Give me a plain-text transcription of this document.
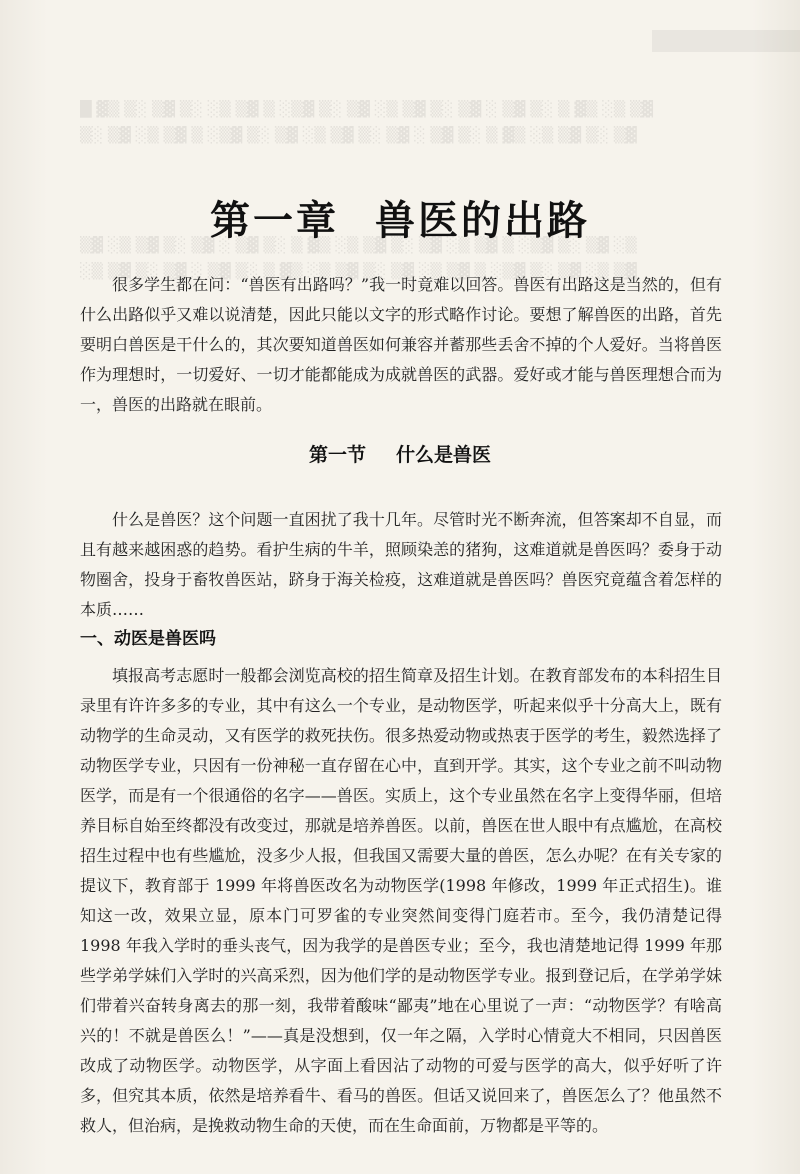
█ ▓▒ ▒░ ▒▓ ▒░ ░▒ ▒▓ ▒ ░▒▓ ▒░ ▒▓ ░▒ ▒▓ ▒░ ▒▓ ░ ▒▓ ▒░ ▒ ▓▒ ░▒ ▒▓
▒░ ▒▓ ░▒ ▒▓ ▒ ░▒▓ ▒░ ▒▓ ░▒ ▒▓ ▒░ ▒▓ ░ ▒▓ ▒░ ▒ ▓▒ ░▒ ▒▓ ▒░ ▒▓
▒▓ ░▒ ▒▓ ▒░ ▒▓ ░ ▒▓ ▒░ ▒ ▓▒ ░▒ ▒▓ ▒░ ▒▓ ░▒ ▒▓ ▒ ░▒▓ ▒░ ▒▓ ░▒
░▒ ▒▓ ▒░ ▒▓ ░ ▒▓ ▒░ ▒ ▓▒ ░▒ ▒▓ ▒░ ▒▓ ░▒ ▒▓ ▒ ░▒▓ ▒░ ▒▓ ░▒ ▒▓
第一章 兽医的出路

很多学生都在问：“兽医有出路吗？”我一时竟难以回答。兽医有出路这是当然的，但有什么出路似乎又难以说清楚，因此只能以文字的形式略作讨论。要想了解兽医的出路，首先要明白兽医是干什么的，其次要知道兽医如何兼容并蓄那些丢舍不掉的个人爱好。当将兽医作为理想时，一切爱好、一切才能都能成为成就兽医的武器。爱好或才能与兽医理想合而为一，兽医的出路就在眼前。

第一节 什么是兽医

什么是兽医？这个问题一直困扰了我十几年。尽管时光不断奔流，但答案却不自显，而且有越来越困惑的趋势。看护生病的牛羊，照顾染恙的猪狗，这难道就是兽医吗？委身于动物圈舍，投身于畜牧兽医站，跻身于海关检疫，这难道就是兽医吗？兽医究竟蕴含着怎样的本质……

一、动医是兽医吗

填报高考志愿时一般都会浏览高校的招生简章及招生计划。在教育部发布的本科招生目录里有许许多多的专业，其中有这么一个专业，是动物医学，听起来似乎十分高大上，既有动物学的生命灵动，又有医学的救死扶伤。很多热爱动物或热衷于医学的考生，毅然选择了动物医学专业，只因有一份神秘一直存留在心中，直到开学。其实，这个专业之前不叫动物医学，而是有一个很通俗的名字——兽医。实质上，这个专业虽然在名字上变得华丽，但培养目标自始至终都没有改变过，那就是培养兽医。以前，兽医在世人眼中有点尴尬，在高校招生过程中也有些尴尬，没多少人报，但我国又需要大量的兽医，怎么办呢？在有关专家的提议下，教育部于 1999 年将兽医改名为动物医学(1998 年修改，1999 年正式招生)。谁知这一改，效果立显，原本门可罗雀的专业突然间变得门庭若市。至今，我仍清楚记得 1998 年我入学时的垂头丧气，因为我学的是兽医专业；至今，我也清楚地记得 1999 年那些学弟学妹们入学时的兴高采烈，因为他们学的是动物医学专业。报到登记后，在学弟学妹们带着兴奋转身离去的那一刻，我带着酸味“鄙夷”地在心里说了一声：“动物医学？有啥高兴的！不就是兽医么！”——真是没想到，仅一年之隔，入学时心情竟大不相同，只因兽医改成了动物医学。动物医学，从字面上看因沾了动物的可爱与医学的高大，似乎好听了许多，但究其本质，依然是培养看牛、看马的兽医。但话又说回来了，兽医怎么了？他虽然不救人，但治病，是挽救动物生命的天使，而在生命面前，万物都是平等的。
